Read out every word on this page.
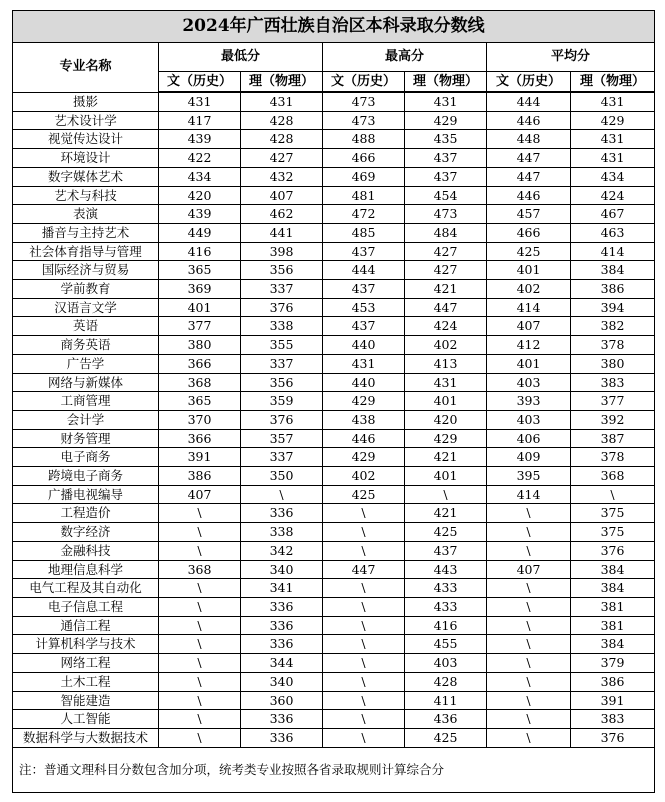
2024年广西壮族自治区本科录取分数线						
专业名称	最低分		最高分		平均分	
	文（历史）	理（物理）	文（历史）	理（物理）	文（历史）	理（物理）
摄影	431	431	473	431	444	431
艺术设计学	417	428	473	429	446	429
视觉传达设计	439	428	488	435	448	431
环境设计	422	427	466	437	447	431
数字媒体艺术	434	432	469	437	447	434
艺术与科技	420	407	481	454	446	424
表演	439	462	472	473	457	467
播音与主持艺术	449	441	485	484	466	463
社会体育指导与管理	416	398	437	427	425	414
国际经济与贸易	365	356	444	427	401	384
学前教育	369	337	437	421	402	386
汉语言文学	401	376	453	447	414	394
英语	377	338	437	424	407	382
商务英语	380	355	440	402	412	378
广告学	366	337	431	413	401	380
网络与新媒体	368	356	440	431	403	383
工商管理	365	359	429	401	393	377
会计学	370	376	438	420	403	392
财务管理	366	357	446	429	406	387
电子商务	391	337	429	421	409	378
跨境电子商务	386	350	402	401	395	368
广播电视编导	407	\	425	\	414	\
工程造价	\	336	\	421	\	375
数字经济	\	338	\	425	\	375
金融科技	\	342	\	437	\	376
地理信息科学	368	340	447	443	407	384
电气工程及其自动化	\	341	\	433	\	384
电子信息工程	\	336	\	433	\	381
通信工程	\	336	\	416	\	381
计算机科学与技术	\	336	\	455	\	384
网络工程	\	344	\	403	\	379
土木工程	\	340	\	428	\	386
智能建造	\	360	\	411	\	391
人工智能	\	336	\	436	\	383
数据科学与大数据技术	\	336	\	425	\	376
注：普通文理科目分数包含加分项，统考类专业按照各省录取规则计算综合分						
